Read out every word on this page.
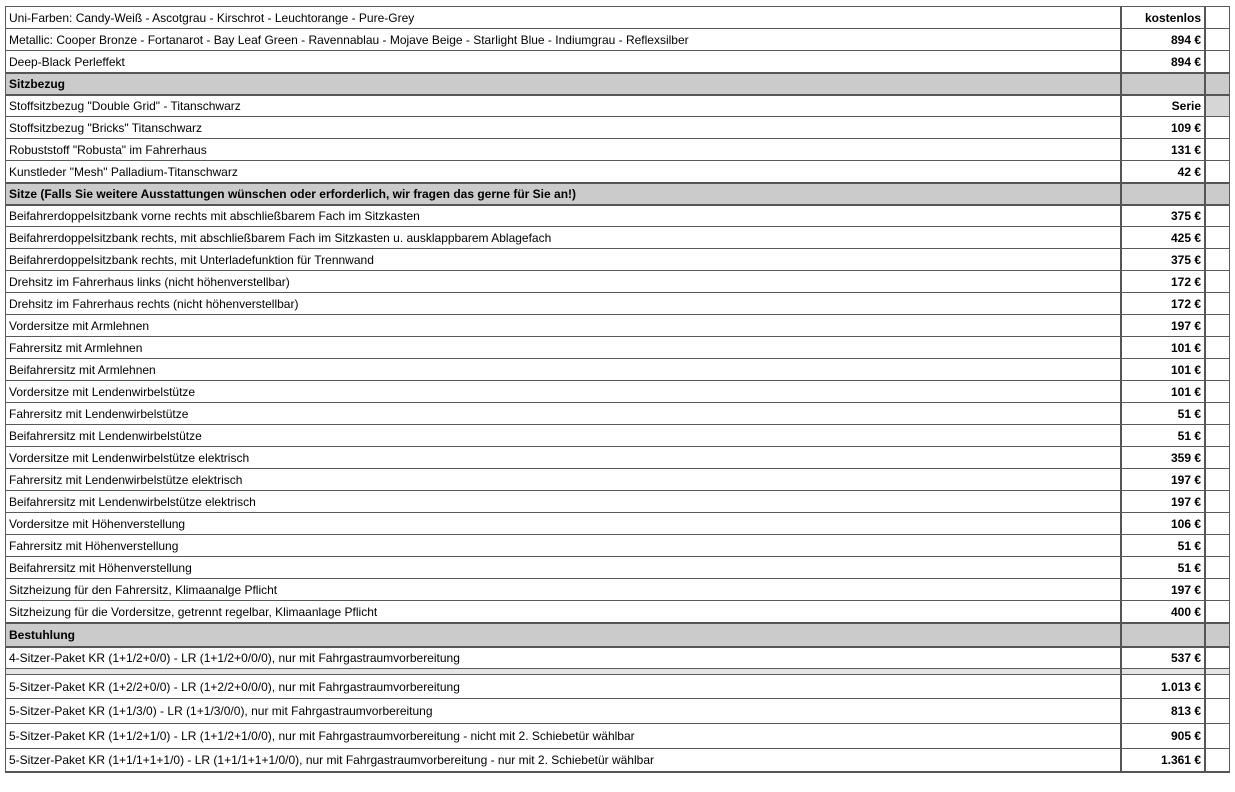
Uni-Farben: Candy-Weiß - Ascotgrau - Kirschrot - Leuchtorange - Pure-Grey	kostenlos
Metallic: Cooper Bronze - Fortanarot - Bay Leaf Green - Ravennablau - Mojave Beige - Starlight Blue - Indiumgrau - Reflexsilber	894 €
Deep-Black Perleffekt	894 €
Sitzbezug
Stoffsitzbezug "Double Grid" - Titanschwarz	Serie
Stoffsitzbezug "Bricks" Titanschwarz	109 €
Robuststoff "Robusta" im Fahrerhaus	131 €
Kunstleder "Mesh" Palladium-Titanschwarz	42 €
Sitze (Falls Sie weitere Ausstattungen wünschen oder erforderlich, wir fragen das gerne für Sie an!)
Beifahrerdoppelsitzbank vorne rechts mit abschließbarem Fach im Sitzkasten	375 €
Beifahrerdoppelsitzbank rechts, mit abschließbarem Fach im Sitzkasten u. ausklappbarem Ablagefach	425 €
Beifahrerdoppelsitzbank rechts, mit Unterladefunktion für Trennwand	375 €
Drehsitz im Fahrerhaus links (nicht höhenverstellbar)	172 €
Drehsitz im Fahrerhaus rechts (nicht höhenverstellbar)	172 €
Vordersitze mit Armlehnen	197 €
Fahrersitz mit Armlehnen	101 €
Beifahrersitz mit Armlehnen	101 €
Vordersitze mit Lendenwirbelstütze	101 €
Fahrersitz mit Lendenwirbelstütze	51 €
Beifahrersitz mit Lendenwirbelstütze	51 €
Vordersitze mit Lendenwirbelstütze elektrisch	359 €
Fahrersitz mit Lendenwirbelstütze elektrisch	197 €
Beifahrersitz mit Lendenwirbelstütze elektrisch	197 €
Vordersitze mit Höhenverstellung	106 €
Fahrersitz mit Höhenverstellung	51 €
Beifahrersitz mit Höhenverstellung	51 €
Sitzheizung für den Fahrersitz, Klimaanalge Pflicht	197 €
Sitzheizung für die Vordersitze, getrennt regelbar, Klimaanlage Pflicht	400 €
Bestuhlung
4-Sitzer-Paket KR (1+1/2+0/0) - LR (1+1/2+0/0/0), nur mit Fahrgastraumvorbereitung	537 €
5-Sitzer-Paket KR (1+2/2+0/0) - LR (1+2/2+0/0/0), nur mit Fahrgastraumvorbereitung	1.013 €
5-Sitzer-Paket KR (1+1/3/0) - LR (1+1/3/0/0), nur mit Fahrgastraumvorbereitung	813 €
5-Sitzer-Paket KR (1+1/2+1/0) - LR (1+1/2+1/0/0), nur mit Fahrgastraumvorbereitung - nicht mit 2. Schiebetür wählbar	905 €
5-Sitzer-Paket KR (1+1/1+1+1/0) - LR (1+1/1+1+1/0/0), nur mit Fahrgastraumvorbereitung - nur mit 2. Schiebetür wählbar	1.361 €
